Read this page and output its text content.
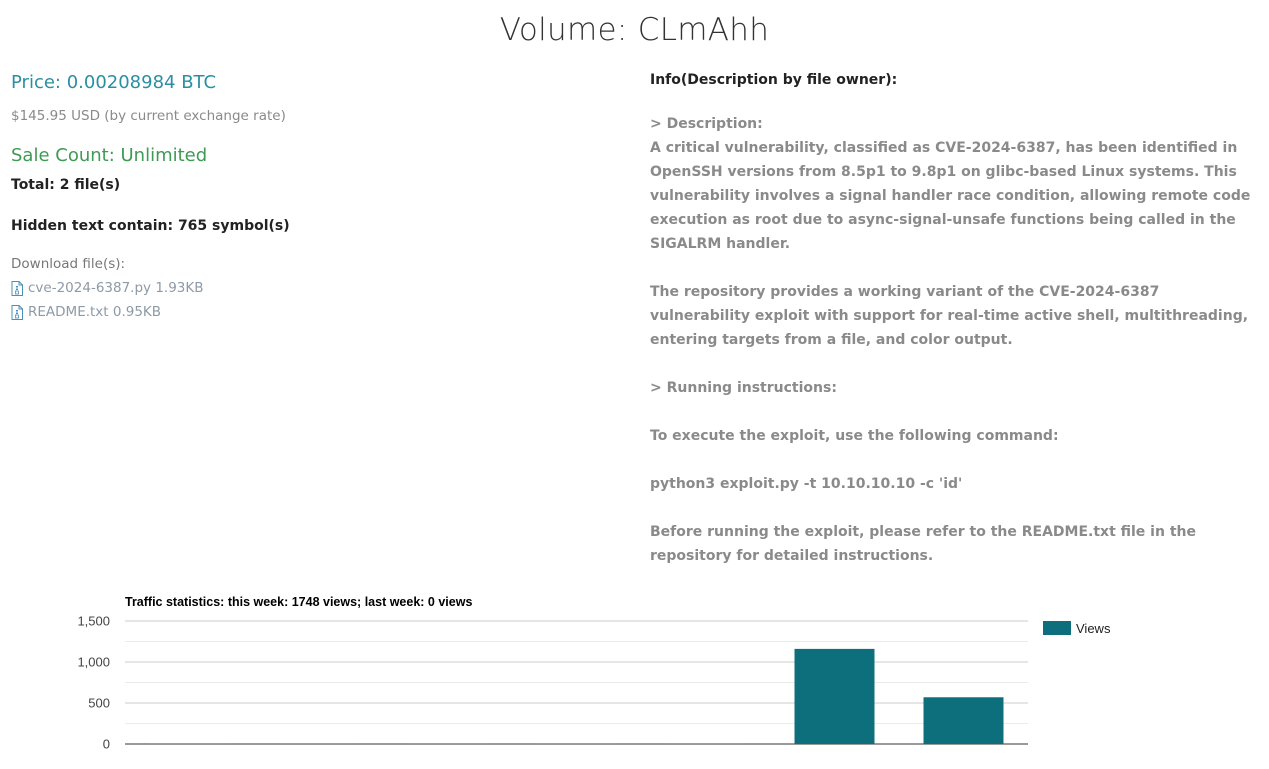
Volume: CLmAhh
Price: 0.00208984 BTC
$145.95 USD (by current exchange rate)
Sale Count: Unlimited
Total: 2 file(s)
Hidden text contain: 765 symbol(s)
Download file(s):
cve-2024-6387.py 1.93KB
README.txt 0.95KB
Info(Description by file owner):

> Description:
A critical vulnerability, classified as CVE-2024-6387, has been identified in OpenSSH versions from 8.5p1 to 9.8p1 on glibc-based Linux systems. This vulnerability involves a signal handler race condition, allowing remote code execution as root due to async-signal-unsafe functions being called in the SIGALRM handler.

The repository provides a working variant of the CVE-2024-6387 vulnerability exploit with support for real-time active shell, multithreading, entering targets from a file, and color output.

> Running instructions:

To execute the exploit, use the following command:

python3 exploit.py -t 10.10.10.10 -c 'id'

Before running the exploit, please refer to the README.txt file in the repository for detailed instructions.

Traffic statistics: this week: 1748 views; last week: 0 views
0
500
1,000
1,500	Views
